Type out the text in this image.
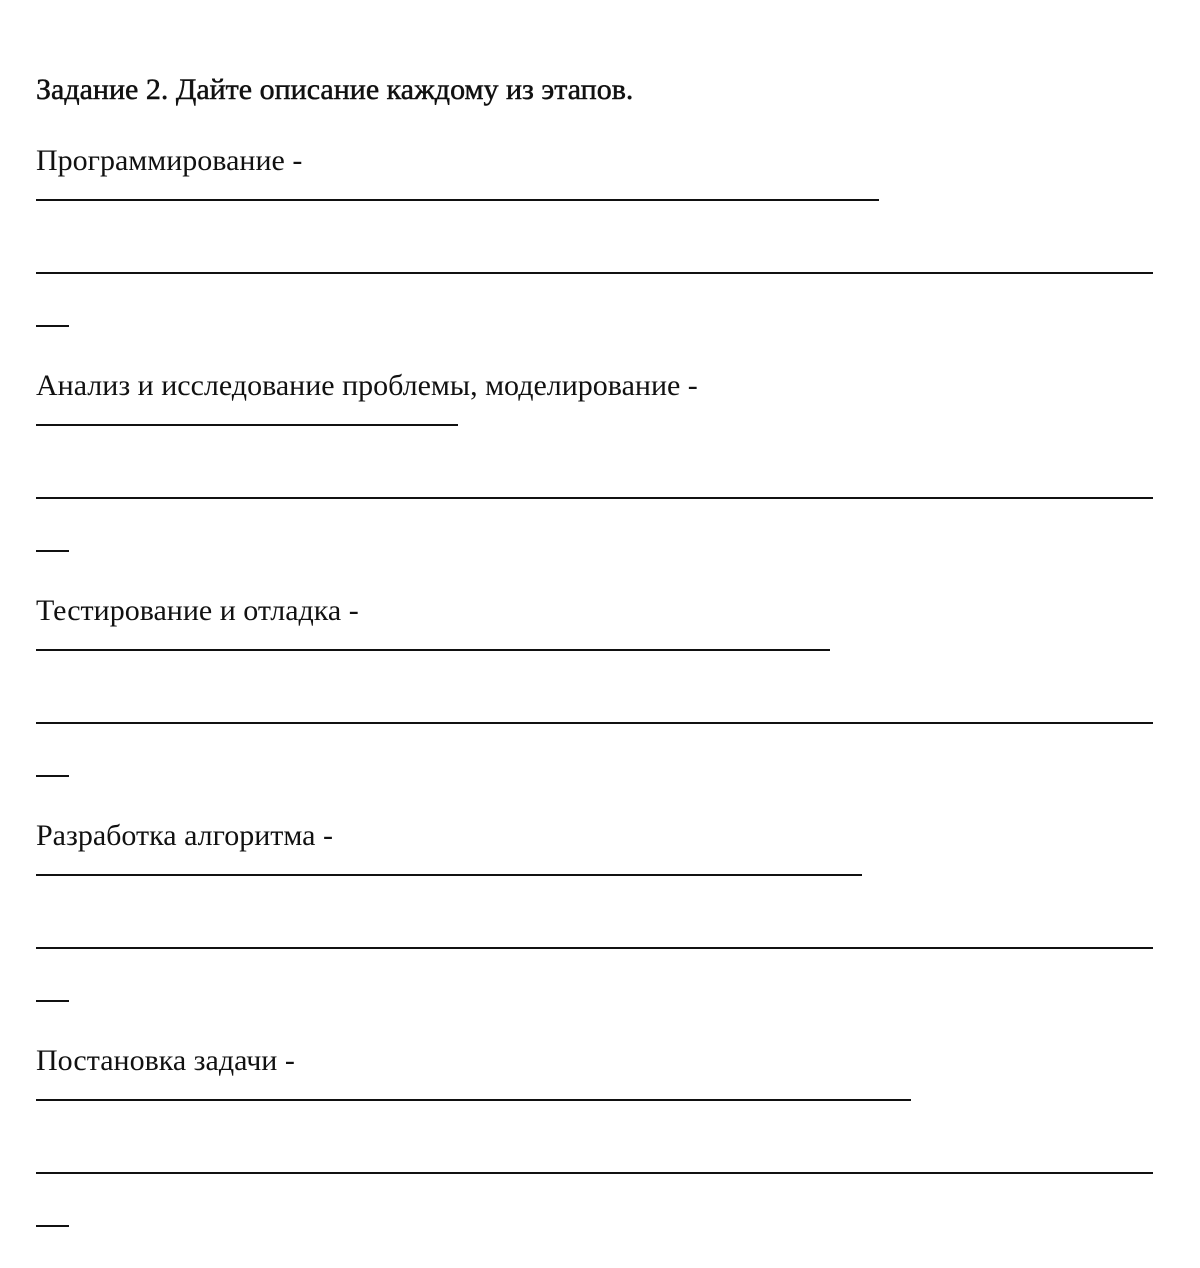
Задание 2. Дайте описание каждому из этапов.
Программирование -
Анализ и исследование проблемы, моделирование -
Тестирование и отладка -
Разработка алгоритма -
Постановка задачи -
